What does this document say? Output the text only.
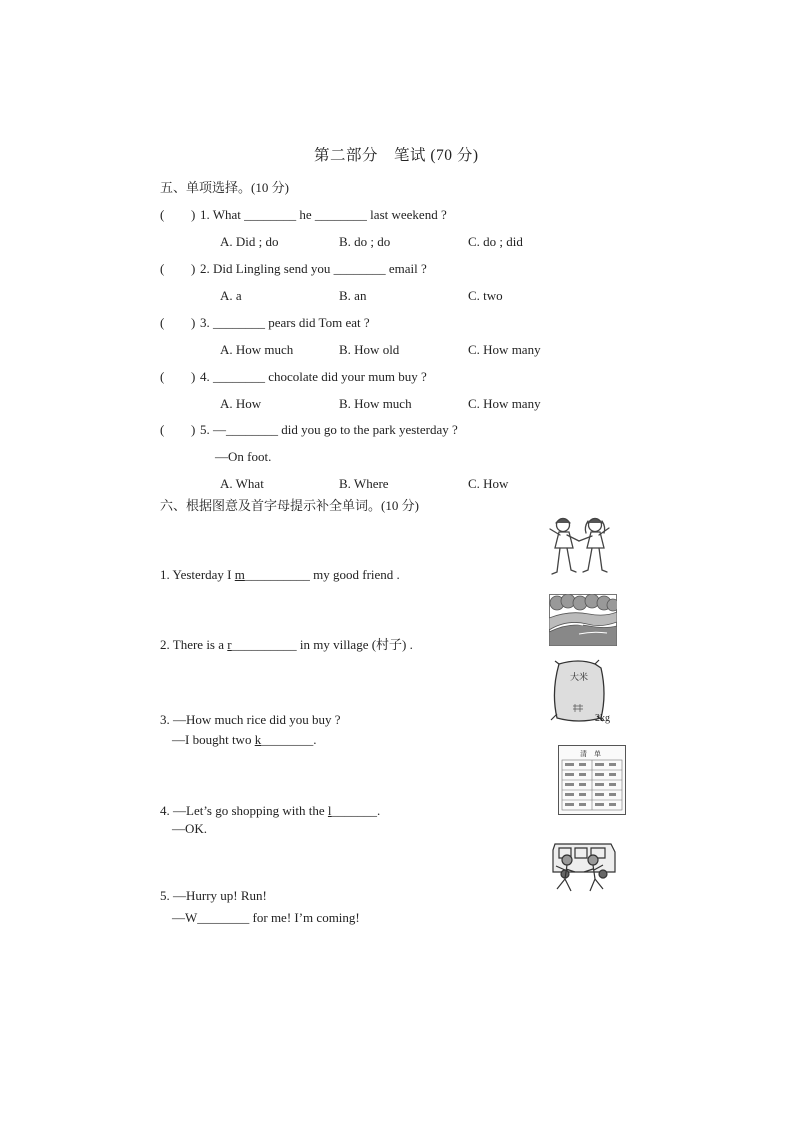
第二部分　笔试 (70 分)
五、单项选择。(10 分)
( ) 1. What ________ he ________ last weekend ?
A. Did ; do	B. do ; do	C. do ; did
( ) 2. Did Lingling send you ________ email ?
A. a	B. an	C. two
( ) 3. ________ pears did Tom eat ?
A. How much	B. How old	C. How many
( ) 4. ________ chocolate did your mum buy ?
A. How	B. How much	C. How many
( ) 5. —________ did you go to the park yesterday ?
—On foot.
A. What	B. Where	C. How
六、根据图意及首字母提示补全单词。(10 分)
1. Yesterday I m__________ my good friend .
2. There is a r__________ in my village (村子) .
3. —How much rice did you buy ?
—I bought two k________.
4. —Let’s go shopping with the l_______.
—OK.
5. —Hurry up! Run!
—W________ for me! I’m coming!
大米
2kg
清　单
